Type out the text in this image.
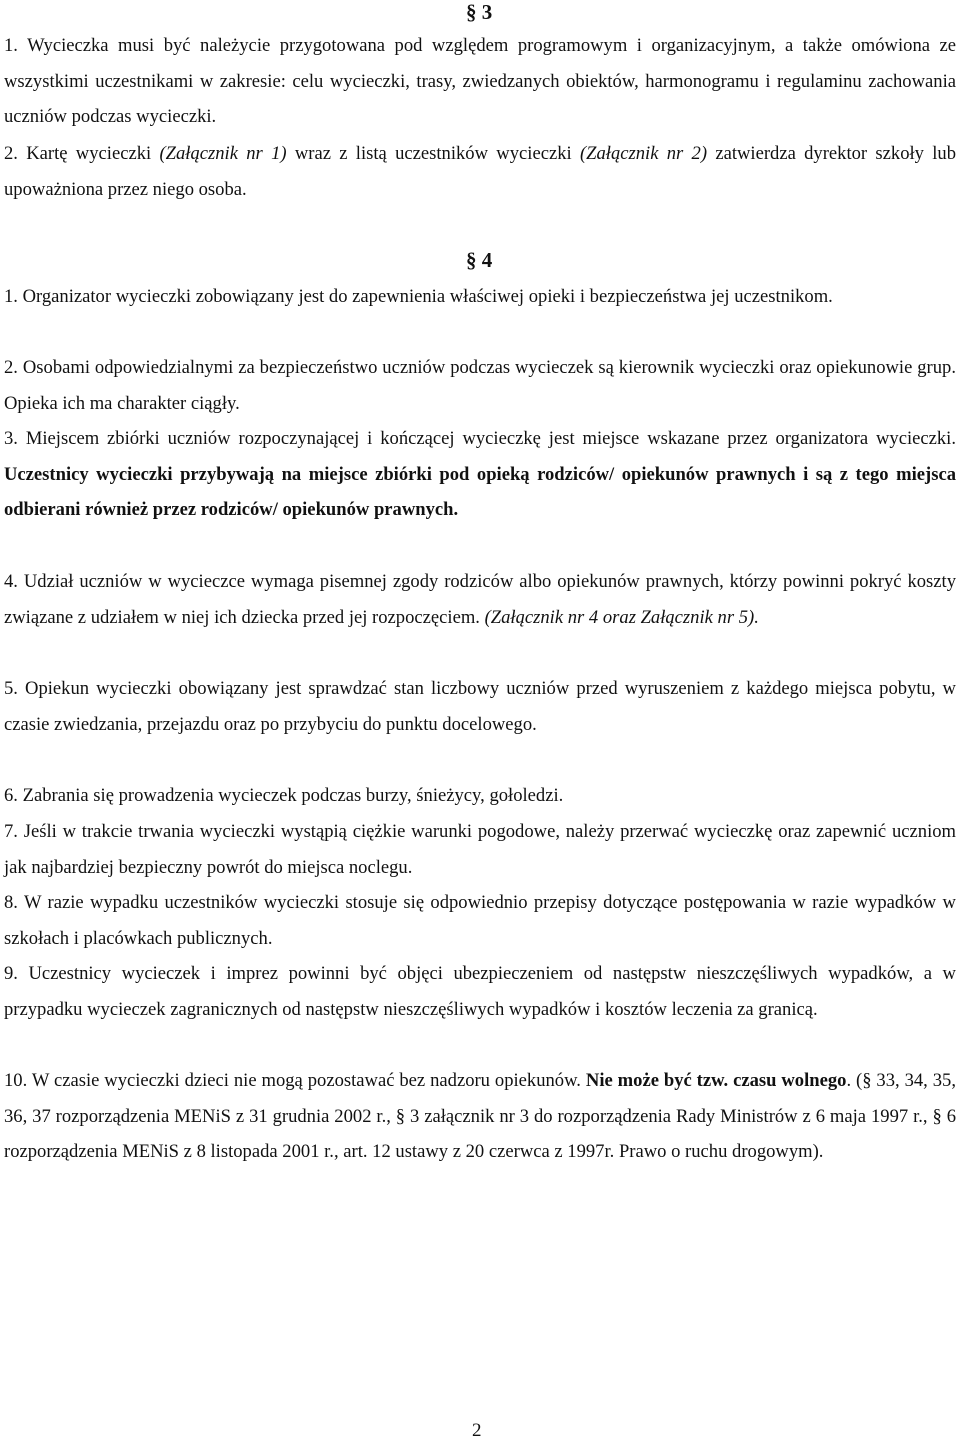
§ 3
1. Wycieczka musi być należycie przygotowana pod względem programowym i organizacyjnym, a także omówiona ze wszystkimi uczestnikami w zakresie: celu wycieczki, trasy, zwiedzanych obiektów, harmonogramu i regulaminu zachowania uczniów podczas wycieczki.
2. Kartę wycieczki (Załącznik nr 1) wraz z listą uczestników wycieczki (Załącznik nr 2) zatwierdza dyrektor szkoły lub upoważniona przez niego osoba.
§ 4
1. Organizator wycieczki zobowiązany jest do zapewnienia właściwej opieki i bezpieczeństwa jej uczestnikom.
2. Osobami odpowiedzialnymi za bezpieczeństwo uczniów podczas wycieczek są kierownik wycieczki oraz opiekunowie grup. Opieka ich ma charakter ciągły.
3. Miejscem zbiórki uczniów rozpoczynającej i kończącej wycieczkę jest miejsce wskazane przez organizatora wycieczki. Uczestnicy wycieczki przybywają na miejsce zbiórki pod opieką rodziców/ opiekunów prawnych i są z tego miejsca odbierani również przez rodziców/ opiekunów prawnych.
4. Udział uczniów w wycieczce wymaga pisemnej zgody rodziców albo opiekunów prawnych, którzy powinni pokryć koszty związane z udziałem w niej ich dziecka przed jej rozpoczęciem. (Załącznik nr 4 oraz Załącznik nr 5).
5. Opiekun wycieczki obowiązany jest sprawdzać stan liczbowy uczniów przed wyruszeniem z każdego miejsca pobytu, w czasie zwiedzania, przejazdu oraz po przybyciu do punktu docelowego.
6. Zabrania się prowadzenia wycieczek podczas burzy, śnieżycy, gołoledzi.
7. Jeśli w trakcie trwania wycieczki wystąpią ciężkie warunki pogodowe, należy przerwać wycieczkę oraz zapewnić uczniom jak najbardziej bezpieczny powrót do miejsca noclegu.
8. W razie wypadku uczestników wycieczki stosuje się odpowiednio przepisy dotyczące postępowania w razie wypadków w szkołach i placówkach publicznych.
9. Uczestnicy wycieczek i imprez powinni być objęci ubezpieczeniem od następstw nieszczęśliwych wypadków, a w przypadku wycieczek zagranicznych od następstw nieszczęśliwych wypadków i kosztów leczenia za granicą.
10. W czasie wycieczki dzieci nie mogą pozostawać bez nadzoru opiekunów. Nie może być tzw. czasu wolnego. (§ 33, 34, 35, 36, 37 rozporządzenia MENiS z 31 grudnia 2002 r., § 3 załącznik nr 3 do rozporządzenia Rady Ministrów z 6 maja 1997 r., § 6 rozporządzenia MENiS z 8 listopada 2001 r., art. 12 ustawy z 20 czerwca z 1997r. Prawo o ruchu drogowym).
2
